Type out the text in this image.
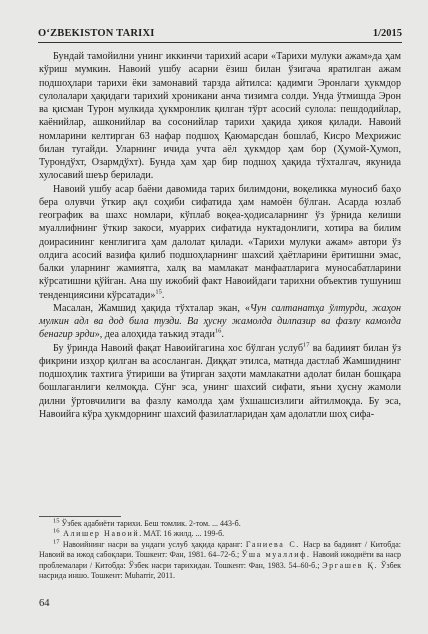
O‘ZBEKISTON TARIXI	1/2015

Бундай тамойилни унинг иккинчи тарихий асари «Тарихи мулуки ажам»да ҳам кўриш мумкин. Навоий ушбу асарни ёзиш билан ўзигача яратилган ажам подшоҳлари тарихи ёки замонавий тарзда айтилса: қадимги Эронлаги ҳукмдор сулолалари ҳақидаги тарихий хроникани анча тизимга солди. Унда ўтмишда Эрон ва қисман Турон мулкида ҳукмронлик қилган тўрт асосий сулола: пешдодийлар, каёнийлар, ашконийлар ва сосонийлар тарихи ҳақида ҳикоя қилади. Навоий номларини келтирган 63 нафар подшоҳ Қаюмарсдан бошлаб, Кисро Меҳрижис билан тугайди. Уларнинг ичида учта аёл ҳукмдор ҳам бор (Ҳумой-Ҳумоп, Турондўхт, Озармдўхт). Бунда ҳам ҳар бир подшоҳ ҳақида тўхталгач, якунида хулосавий шеър берилади.

Навоий ушбу асар баёни давомида тарих билимдони, воқеликка муносиб баҳо бера олувчи ўткир ақл соҳиби сифатида ҳам намоён бўлган. Асарда юзлаб географик ва шахс номлари, кўплаб воқеа-ҳодисаларнинг ўз ўрнида келиши муаллифнинг ўткир закоси, муаррих сифатида нуктадонлиги, хотира ва билим доирасининг кенглигига ҳам далолат қилади. «Тарихи мулуки ажам» автори ўз олдига асосий вазифа қилиб подшоҳларнинг шахсий ҳаётларини ёритишни эмас, балки уларнинг жамиятга, халқ ва мамлакат манфаатларига муносабатларини кўрсатишни қўйган. Ана шу ижобий факт Навоийдаги тарихни объектив тушуниш тенденциясини кўрсатади»$^{15}$.

Масалан, Жамшид ҳақида тўхталар экан, «Чун салтанатҳа ўлтурди, жаҳон мулкин адл ва дод била тузди. Ва ҳусну жамолда дилпазир ва фазлу камолда бенагир эрди», деа алоҳида таъкид этади$^{16}$.

Бу ўринда Навоий фақат Навоийгагина хос бўлган услуб$^{17}$ ва бадиият билан ўз фикрини изҳор қилган ва асосланган. Диққат этилса, матнда дастлаб Жамшиднинг подшоҳлик тахтига ўтириши ва ўтирган заҳоти мамлакатни адолат билан бошқара бошлаганлиги келмоқда. Сўнг эса, унинг шахсий сифати, яъни ҳусну жамоли дилни ўртовчилиги ва фазлу камолда ҳам ўхшашсизлиги айтилмоқда. Бу эса, Навоийга кўра ҳукмдорнинг шахсий фазилатларидан ҳам адолатли шоҳ сифа-

$^{15}$ Ўзбек адабиёти тарихи. Беш томлик. 2-том. ... 443-б.

$^{16}$ Алишер Навоий. МАТ. 16 жилд. ... 199-б.

$^{17}$ Навоийнинг насри ва ундаги услуб ҳақида қаранг: Ганиева С. Наср ва бадиият / Китобда: Навоий ва ижод сабоқлари. Тошкент: Фан, 1981. 64–72-б.; Ўша муаллиф. Навоий ижодиёти ва наср проблемалари / Китобда: Ўзбек насри тарихидан. Тошкент: Фан, 1983. 54–60-б.; Эргашев Қ. Ўзбек насрида иншо. Тошкент: Muharrir, 2011.

64
